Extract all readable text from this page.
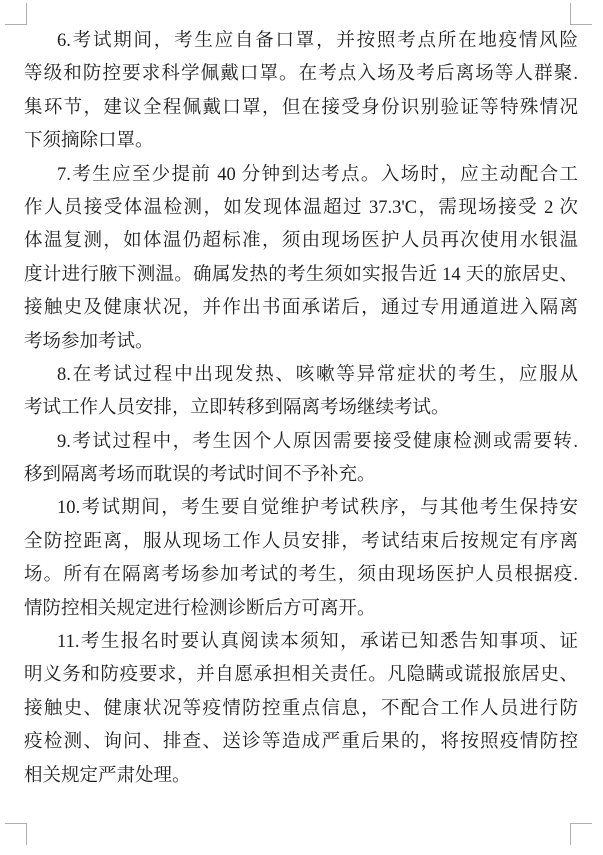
6.考试期间，考生应自备口罩，并按照考点所在地疫情风险
等级和防控要求科学佩戴口罩。在考点入场及考后离场等人群聚.
集环节，建议全程佩戴口罩，但在接受身份识别验证等特殊情况
下须摘除口罩。
7.考生应至少提前 40 分钟到达考点。入场时，应主动配合工
作人员接受体温检测，如发现体温超过 37.3'C，需现场接受 2 次
体温复测，如体温仍超标准，须由现场医护人员再次使用水银温
度计进行腋下测温。确属发热的考生须如实报告近 14 天的旅居史、
接触史及健康状况，并作出书面承诺后，通过专用通道进入隔离
考场参加考试。
8.在考试过程中出现发热、咳嗽等异常症状的考生，应服从
考试工作人员安排，立即转移到隔离考场继续考试。
9.考试过程中，考生因个人原因需要接受健康检测或需要转.
移到隔离考场而耽误的考试时间不予补充。
10.考试期间，考生要自觉维护考试秩序，与其他考生保持安
全防控距离，服从现场工作人员安排，考试结束后按规定有序离
场。所有在隔离考场参加考试的考生，须由现场医护人员根据疫.
情防控相关规定进行检测诊断后方可离开。
11.考生报名时要认真阅读本须知，承诺已知悉告知事项、证
明义务和防疫要求，并自愿承担相关责任。凡隐瞒或谎报旅居史、
接触史、健康状况等疫情防控重点信息，不配合工作人员进行防
疫检测、询问、排查、送诊等造成严重后果的，将按照疫情防控
相关规定严肃处理。
